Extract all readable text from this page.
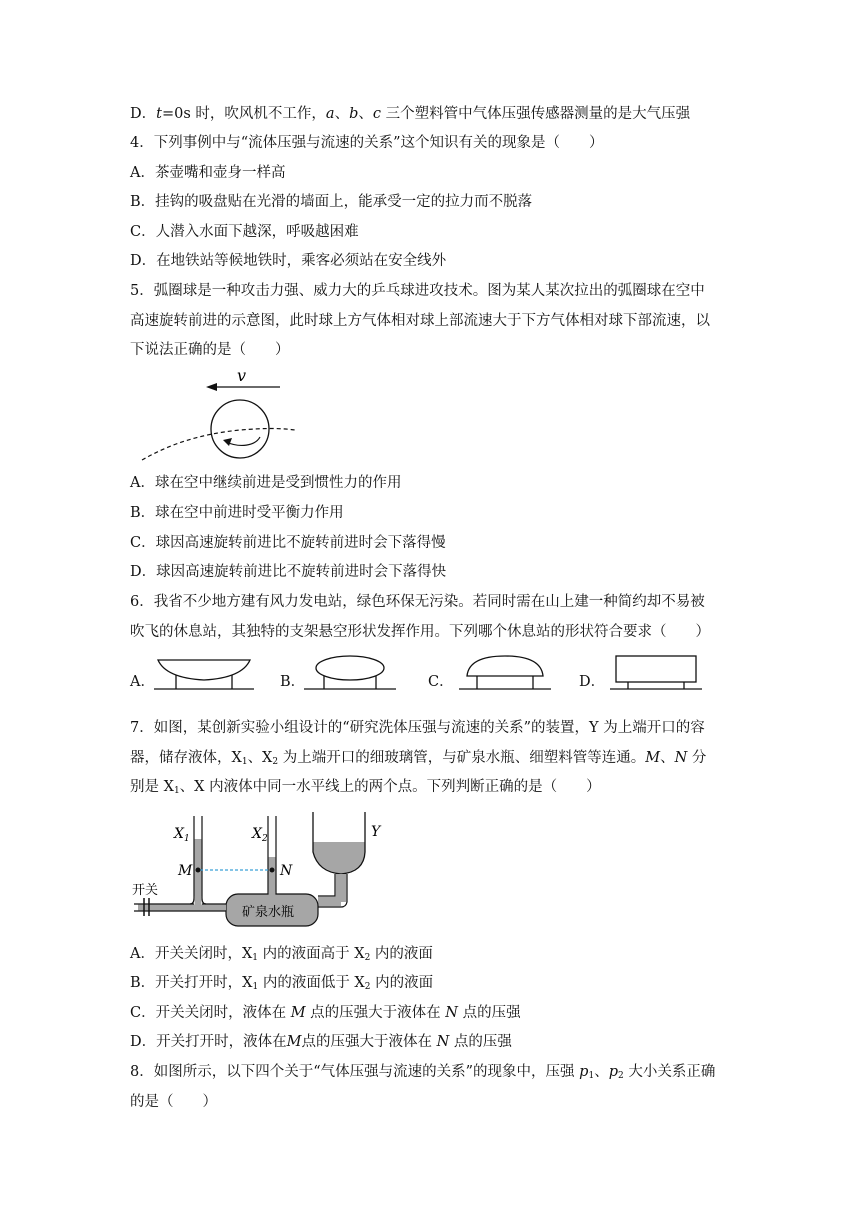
D．t=0s 时，吹风机不工作，a、b、c 三个塑料管中气体压强传感器测量的是大气压强
4．下列事例中与“流体压强与流速的关系”这个知识有关的现象是（　　）
A．茶壶嘴和壶身一样高
B．挂钩的吸盘贴在光滑的墙面上，能承受一定的拉力而不脱落
C．人潜入水面下越深，呼吸越困难
D．在地铁站等候地铁时，乘客必须站在安全线外
5．弧圈球是一种攻击力强、威力大的乒乓球进攻技术。图为某人某次拉出的弧圈球在空中
高速旋转前进的示意图，此时球上方气体相对球上部流速大于下方气体相对球下部流速，以
下说法正确的是（　　）
v
A．球在空中继续前进是受到惯性力的作用
B．球在空中前进时受平衡力作用
C．球因高速旋转前进比不旋转前进时会下落得慢
D．球因高速旋转前进比不旋转前进时会下落得快
6．我省不少地方建有风力发电站，绿色环保无污染。若同时需在山上建一种简约却不易被
吹飞的休息站，其独特的支架悬空形状发挥作用。下列哪个休息站的形状符合要求（　　）
A．	B．	C．	D．
7．如图，某创新实验小组设计的“研究洗体压强与流速的关系”的装置，Y 为上端开口的容
器，储存液体，$X_1$、$X_2$ 为上端开口的细玻璃管，与矿泉水瓶、细塑料管等连通。M、N 分
别是 $X_1$、X 内液体中同一水平线上的两个点。下列判断正确的是（　　）
$X_1$	$X_2$	Y
M	N
开关
矿泉水瓶
A．开关关闭时，$X_1$ 内的液面高于 $X_2$ 内的液面
B．开关打开时，$X_1$ 内的液面低于 $X_2$ 内的液面
C．开关关闭时，液体在 M 点的压强大于液体在 N 点的压强
D．开关打开时，液体在M点的压强大于液体在 N 点的压强
8．如图所示，以下四个关于“气体压强与流速的关系”的现象中，压强 $p_1$、$p_2$ 大小关系正确
的是（　　）
